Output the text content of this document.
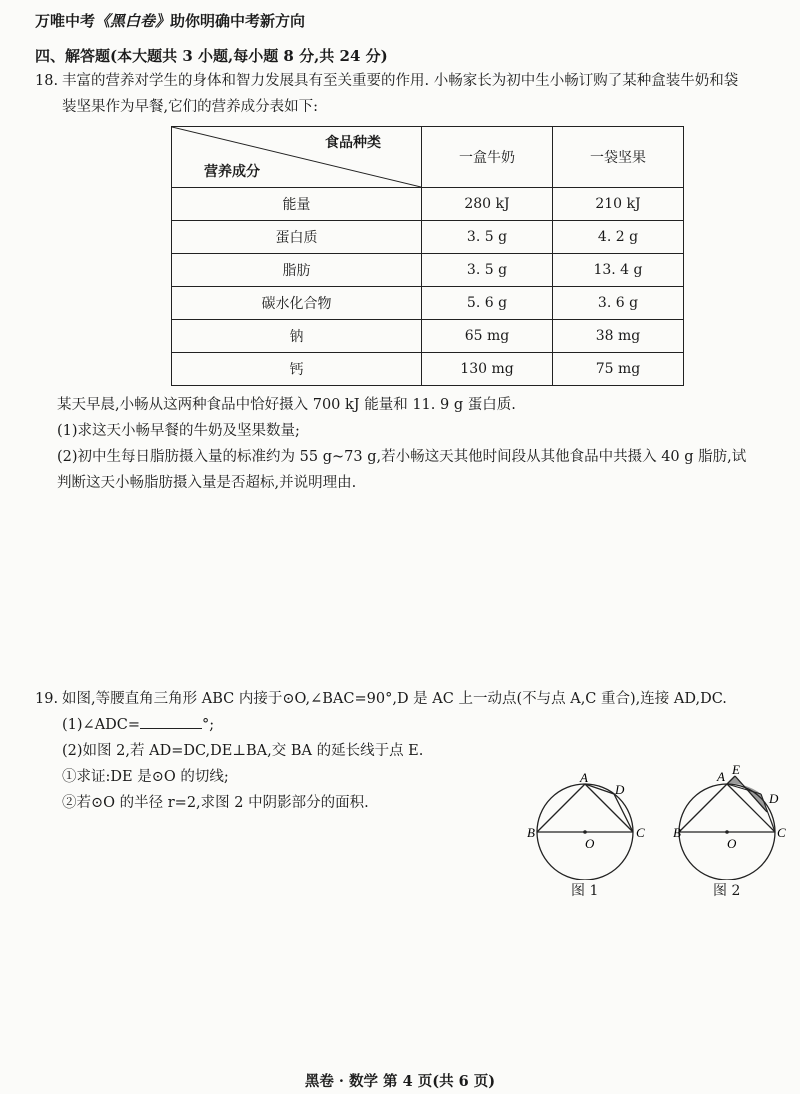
万唯中考《黑白卷》助你明确中考新方向
四、解答题(本大题共 3 小题,每小题 8 分,共 24 分)
18. 丰富的营养对学生的身体和智力发展具有至关重要的作用. 小畅家长为初中生小畅订购了某种盒装牛奶和袋
装坚果作为早餐,它们的营养成分表如下:
食品种类
营养成分	一盒牛奶	一袋坚果
能量	280 kJ	210 kJ
蛋白质	3. 5 g	4. 2 g
脂肪	3. 5 g	13. 4 g
碳水化合物	5. 6 g	3. 6 g
钠	65 mg	38 mg
钙	130 mg	75 mg
某天早晨,小畅从这两种食品中恰好摄入 700 kJ 能量和 11. 9 g 蛋白质.
(1)求这天小畅早餐的牛奶及坚果数量;
(2)初中生每日脂肪摄入量的标准约为 55 g~73 g,若小畅这天其他时间段从其他食品中共摄入 40 g 脂肪,试
判断这天小畅脂肪摄入量是否超标,并说明理由.
19. 如图,等腰直角三角形 ABC 内接于⊙O,∠BAC=90°,D 是 AC 上一动点(不与点 A,C 重合),连接 AD,DC.
(1)∠ADC=	°;
(2)如图 2,若 AD=DC,DE⊥BA,交 BA 的延长线于点 E.
①求证:DE 是⊙O 的切线;
②若⊙O 的半径 r=2,求图 2 中阴影部分的面积.
A
B	C
D
O
图 1
A E
B	C
D
O
图 2
黑卷 · 数学 第 4 页(共 6 页)
